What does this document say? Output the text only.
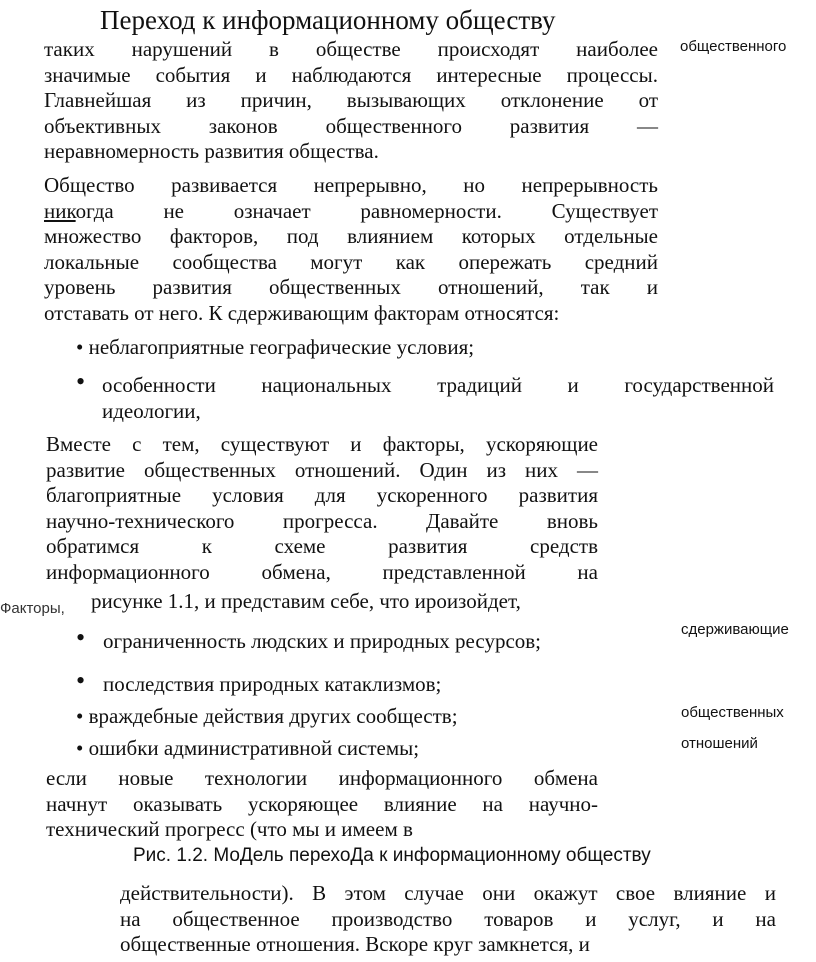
Переход к информационному обществу
общественного
таких нарушений в обществе происходят наиболее
значимые события и наблюдаются интересные процессы.
Главнейшая из причин, вызывающих отклонение от
объективных законов общественного развития —
неравномерность развития общества.
Общество развивается непрерывно, но непрерывность
никогда не означает равномерности. Существует
множество факторов, под влиянием которых отдельные
локальные сообщества могут как опережать средний
уровень развития общественных отношений, так и
отставать от него. К сдерживающим факторам относятся:
• неблагоприятные географические условия;
• особенности национальных традиций и государственной
идеологии,
Вместе с тем, существуют и факторы, ускоряющие
развитие общественных отношений. Один из них —
благоприятные условия для ускоренного развития
научно-технического прогресса. Давайте вновь
обратимся к схеме развития средств
информационного обмена, представленной на
Факторы, рисунке 1.1, и представим себе, что ироизойдет,
сдерживающие
• ограниченность людских и природных ресурсов;
• последствия природных катаклизмов;
общественных
• враждебные действия других сообществ;
отношений
• ошибки административной системы;
если новые технологии информационного обмена
начнут оказывать ускоряющее влияние на научно-
технический прогресс (что мы и имеем в
Рис. 1.2. МоДель перехоДа к информационному обществу
действительности). В этом случае они окажут свое влияние и
на общественное производство товаров и услуг, и на
общественные отношения. Вскоре круг замкнется, и
